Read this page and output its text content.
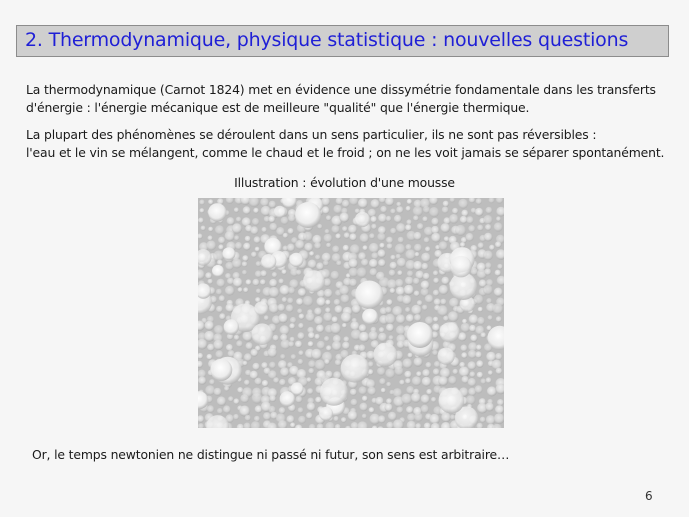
2. Thermodynamique, physique statistique : nouvelles questions
La thermodynamique (Carnot 1824) met en évidence une dissymétrie fondamentale dans les transferts
d'énergie : l'énergie mécanique est de meilleure "qualité" que l'énergie thermique.
La plupart des phénomènes se déroulent dans un sens particulier, ils ne sont pas réversibles :
l'eau et le vin se mélangent, comme le chaud et le froid ; on ne les voit jamais se séparer spontanément.
Illustration : évolution d'une mousse
Or, le temps newtonien ne distingue ni passé ni futur, son sens est arbitraire…
6
